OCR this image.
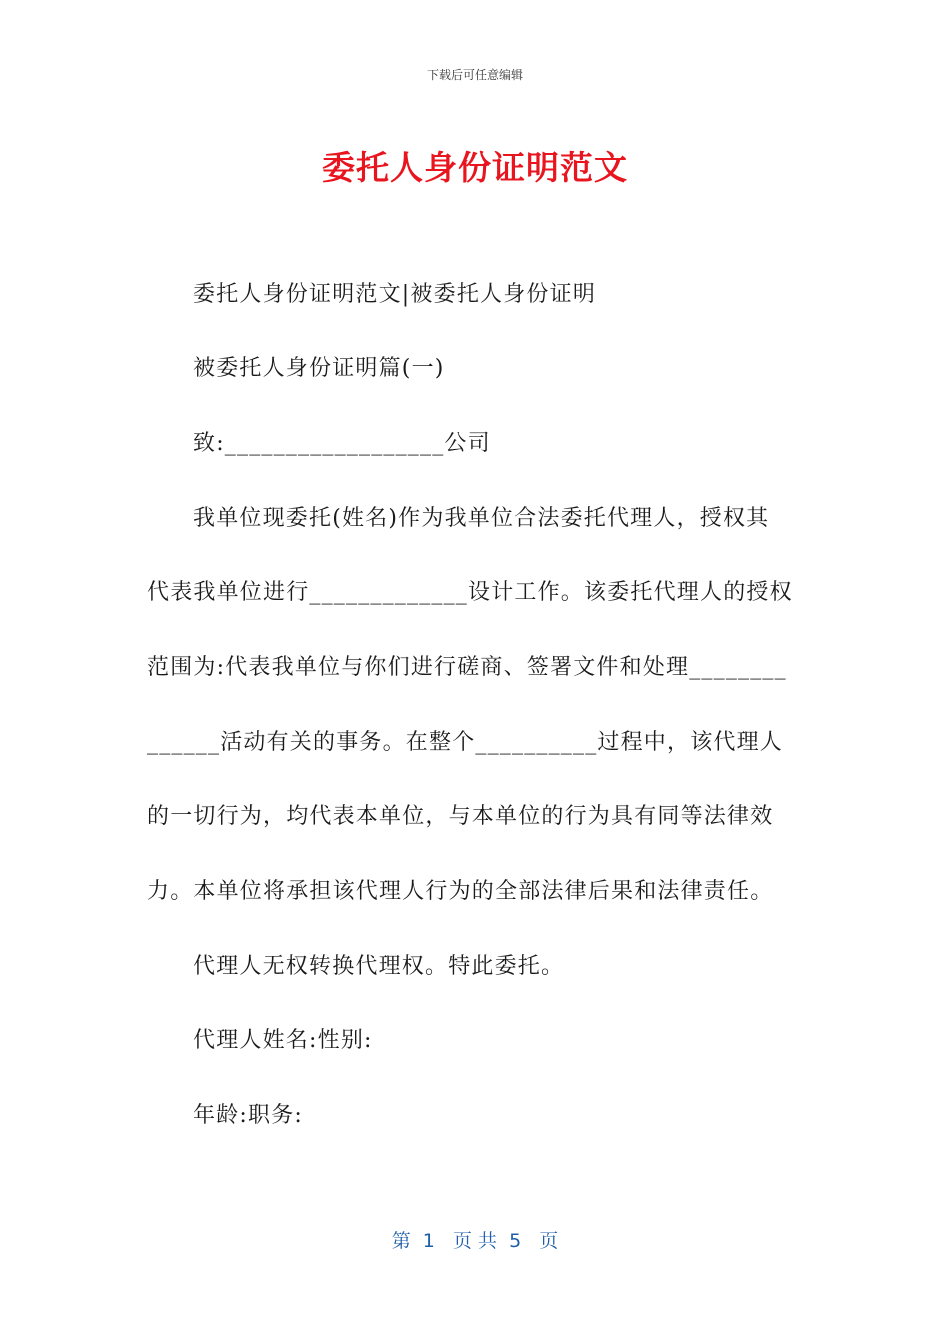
下载后可任意编辑
委托人身份证明范文
委托人身份证明范文|被委托人身份证明
被委托人身份证明篇(一)
致:__________________公司
我单位现委托(姓名)作为我单位合法委托代理人，授权其
代表我单位进行_____________设计工作。该委托代理人的授权
范围为:代表我单位与你们进行磋商、签署文件和处理________
______活动有关的事务。在整个__________过程中，该代理人
的一切行为，均代表本单位，与本单位的行为具有同等法律效
力。本单位将承担该代理人行为的全部法律后果和法律责任。
代理人无权转换代理权。特此委托。
代理人姓名:性别:
年龄:职务:
第  1   页 共  5   页
